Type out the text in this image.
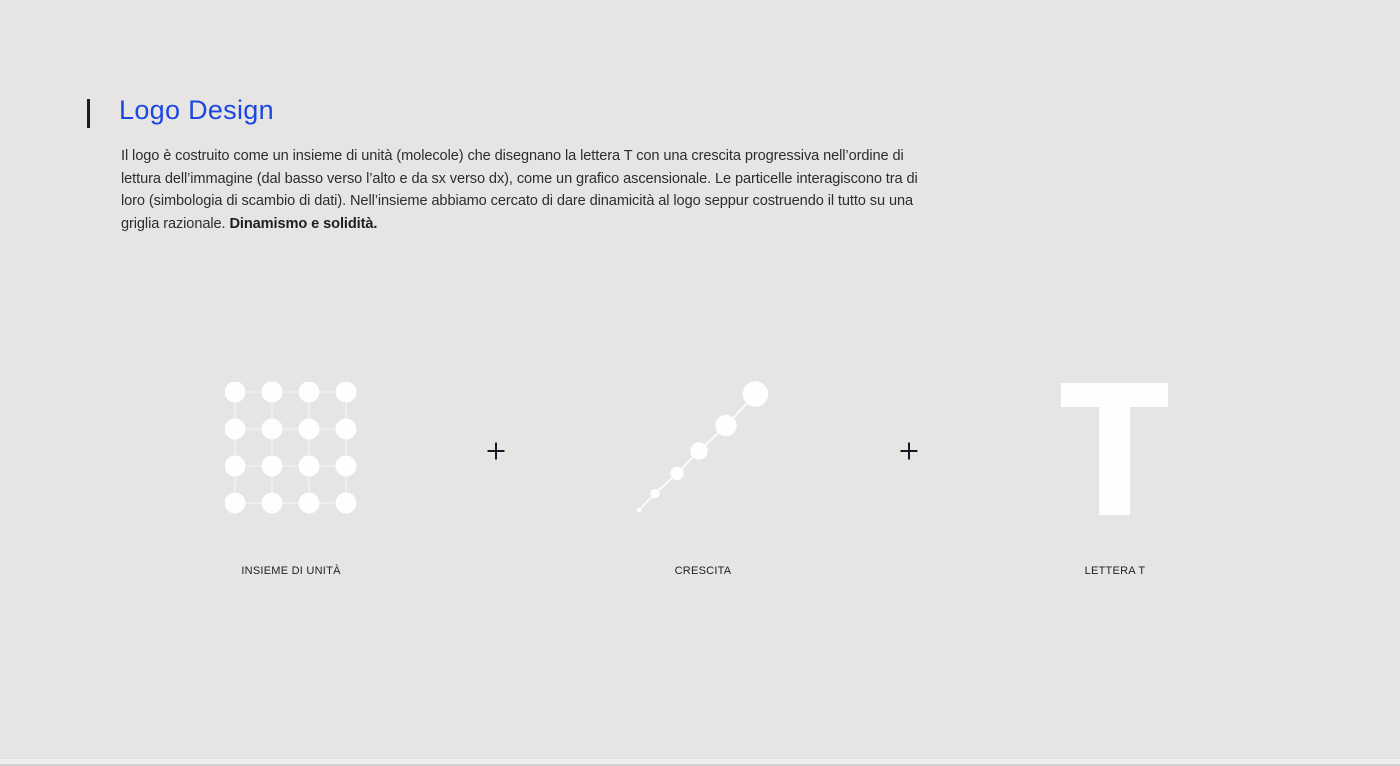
Logo Design

Il logo è costruito come un insieme di unità (molecole) che disegnano la lettera T con una crescita progressiva nell’ordine di
lettura dell’immagine (dal basso verso l’alto e da sx verso dx), come un grafico ascensionale. Le particelle interagiscono tra di
loro (simbologia di scambio di dati). Nell’insieme abbiamo cercato di dare dinamicità al logo seppur costruendo il tutto su una
griglia razionale. Dinamismo e solidità.

INSIEME DI UNITÀ	CRESCITA	LETTERA T
